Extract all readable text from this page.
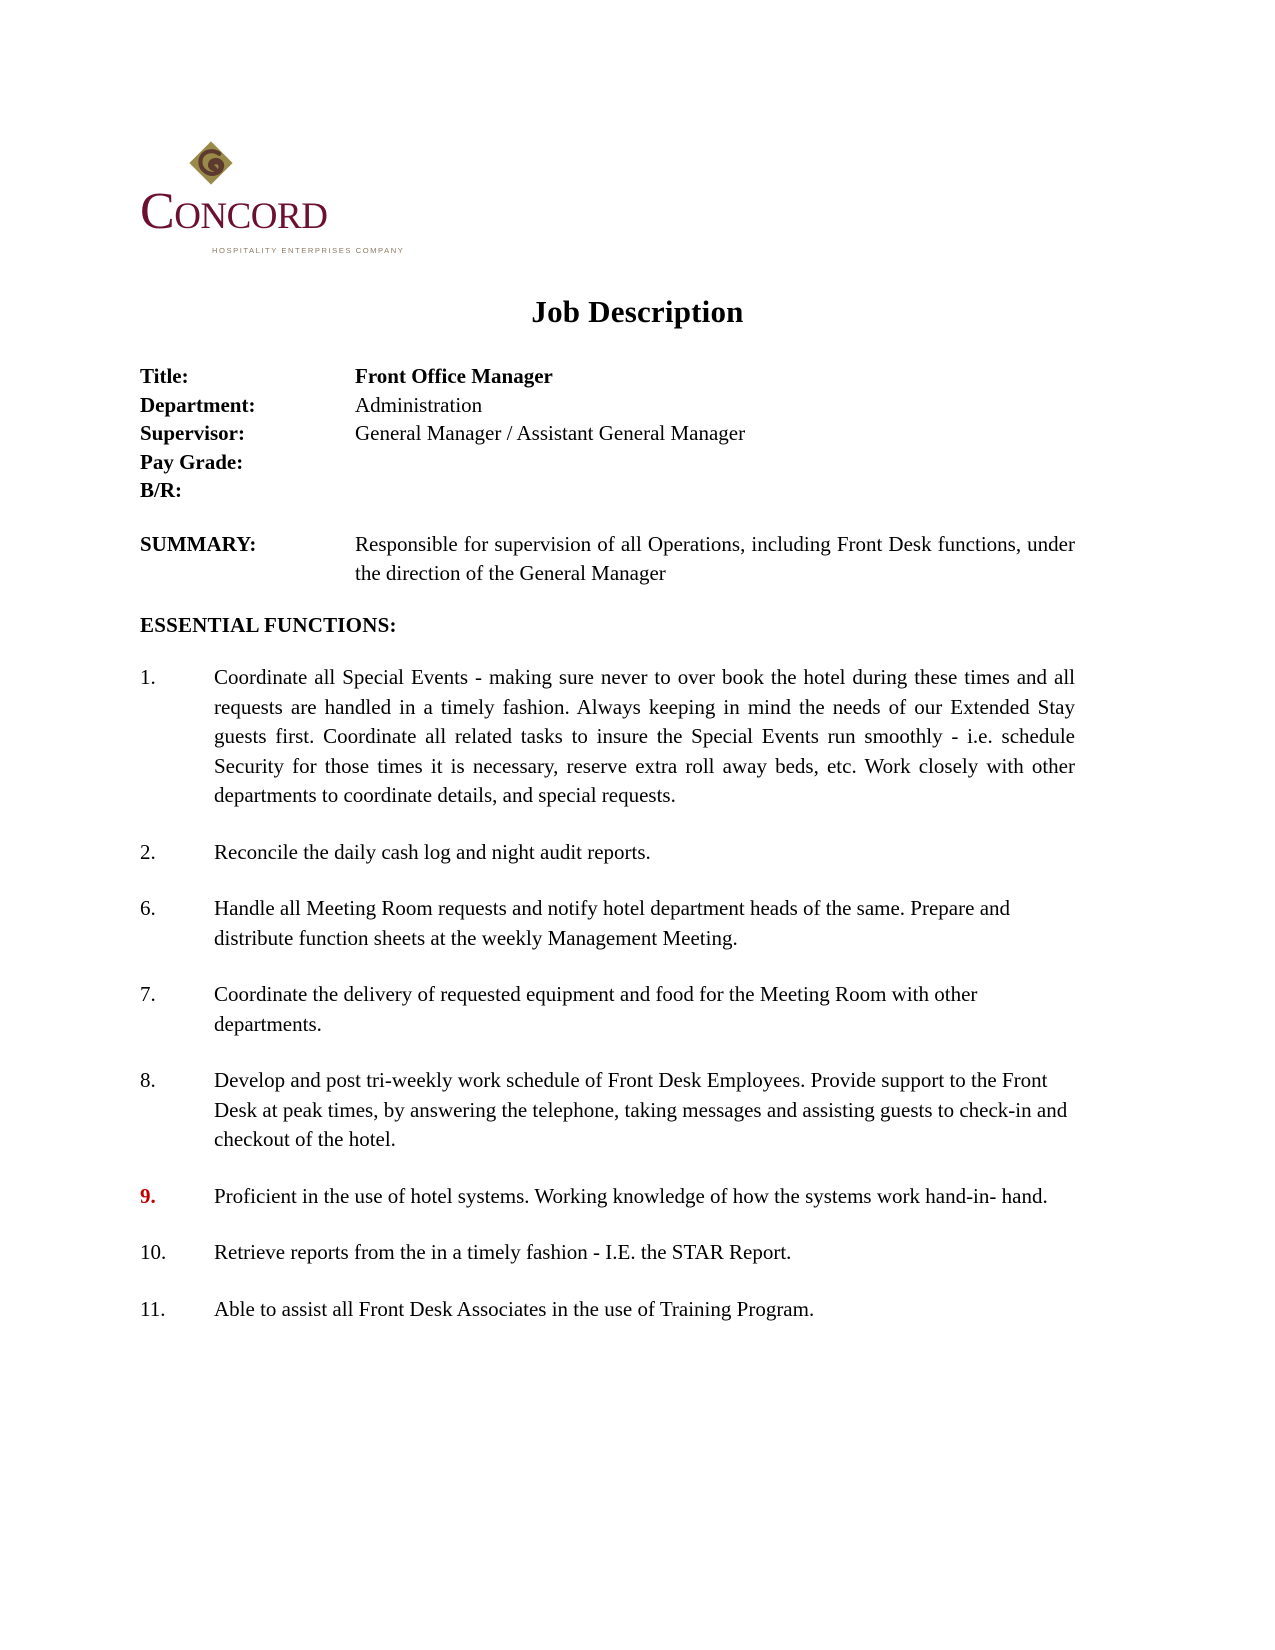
CONCORD
HOSPITALITY ENTERPRISES COMPANY
Job Description
Title:	Front Office Manager
Department:	Administration
Supervisor:	General Manager / Assistant General Manager
Pay Grade:
B/R:
SUMMARY:	Responsible for supervision of all Operations, including Front Desk functions, under the direction of the General Manager
ESSENTIAL FUNCTIONS:
1.	Coordinate all Special Events - making sure never to over book the hotel during these times and all requests are handled in a timely fashion. Always keeping in mind the needs of our Extended Stay guests first. Coordinate all related tasks to insure the Special Events run smoothly - i.e. schedule Security for those times it is necessary, reserve extra roll away beds, etc. Work closely with other departments to coordinate details, and special requests.
2.	Reconcile the daily cash log and night audit reports.
6.	Handle all Meeting Room requests and notify hotel department heads of the same. Prepare and distribute function sheets at the weekly Management Meeting.
7.	Coordinate the delivery of requested equipment and food for the Meeting Room with other departments.
8.	Develop and post tri-weekly work schedule of Front Desk Employees. Provide support to the Front Desk at peak times, by answering the telephone, taking messages and assisting guests to check-in and checkout of the hotel.
9.	Proficient in the use of hotel systems. Working knowledge of how the systems work hand-in- hand.
10.	Retrieve reports from the in a timely fashion - I.E. the STAR Report.
11.	Able to assist all Front Desk Associates in the use of Training Program.
